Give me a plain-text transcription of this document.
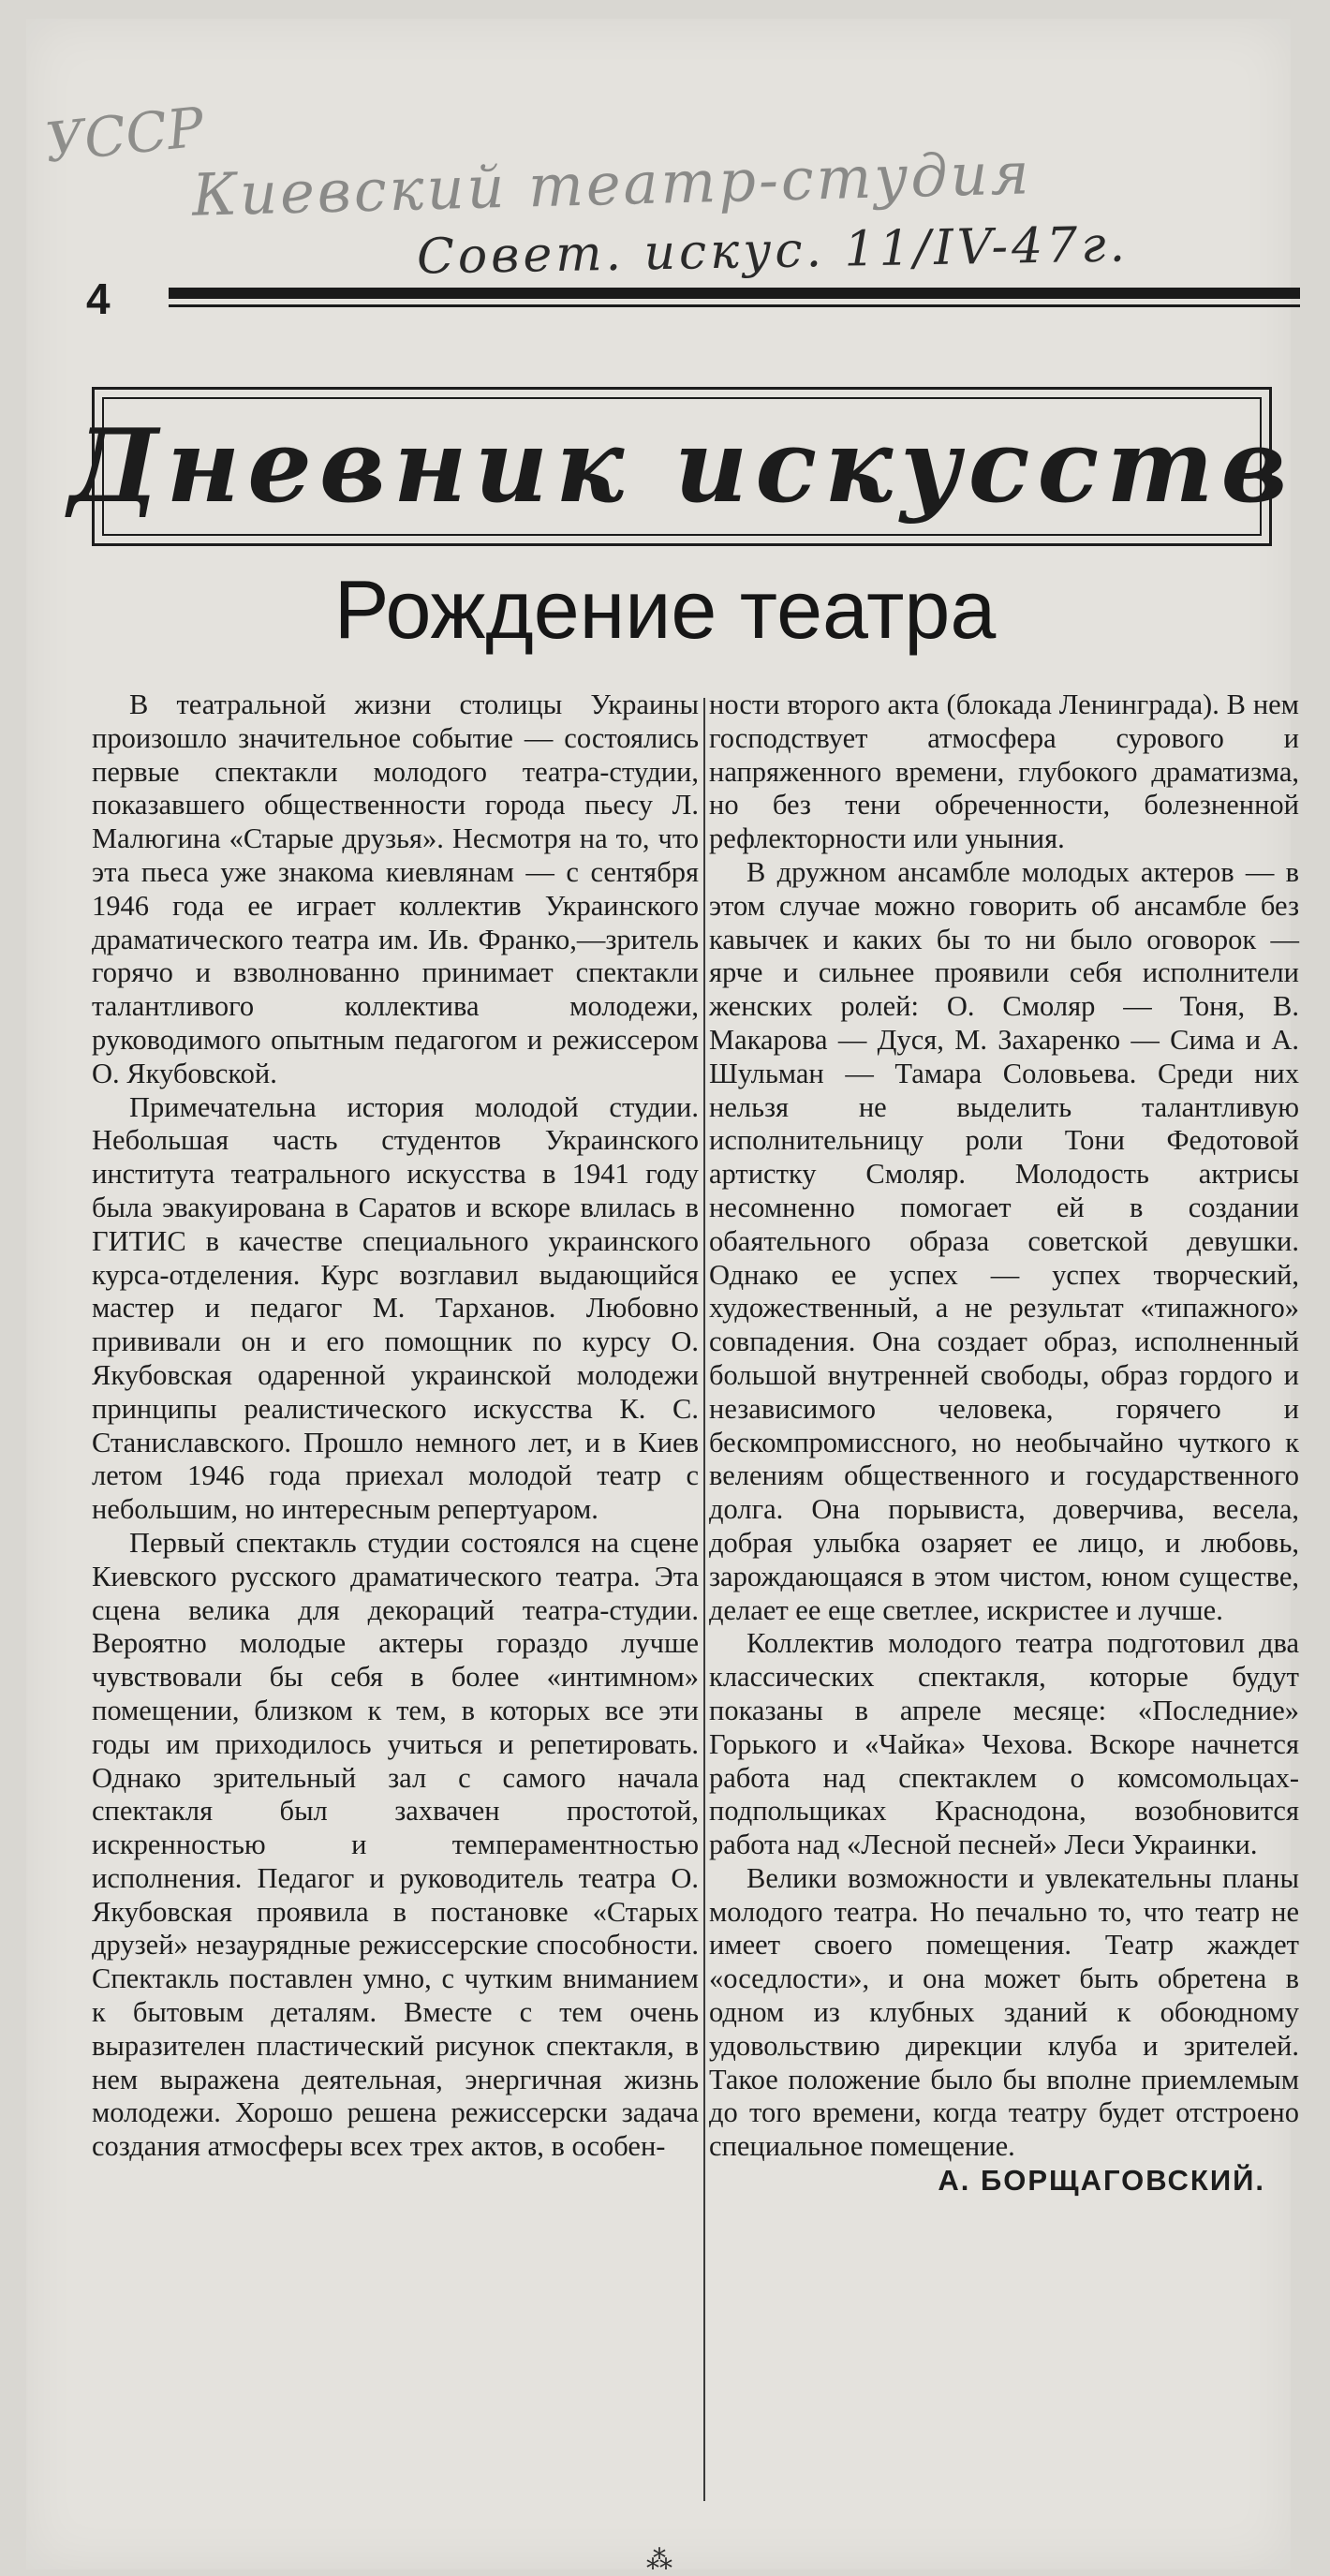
УССР
Киевский театр-студия
Совет. искус. 11/IV-47г.
4
Дневник искусств
Рождение театра

В театральной жизни столицы Украины произошло значительное событие — состоялись первые спектакли молодого театра-студии, показавшего общественности города пьесу Л. Малюгина «Старые друзья». Несмотря на то, что эта пьеса уже знакома киевлянам — с сентября 1946 года ее играет коллектив Украинского драматического театра им. Ив. Франко,—зритель горячо и взволнованно принимает спектакли талантливого коллектива молодежи, руководимого опытным педагогом и режиссером О. Якубовской.

Примечательна история молодой студии. Небольшая часть студентов Украинского института театрального искусства в 1941 году была эвакуирована в Саратов и вскоре влилась в ГИТИС в качестве специального украинского курса-отделения. Курс возглавил выдающийся мастер и педагог М. Тарханов. Любовно прививали он и его помощник по курсу О. Якубовская одаренной украинской молодежи принципы реалистического искусства К. С. Станиславского. Прошло немного лет, и в Киев летом 1946 года приехал молодой театр с небольшим, но интересным репертуаром.

Первый спектакль студии состоялся на сцене Киевского русского драматического театра. Эта сцена велика для декораций театра-студии. Вероятно молодые актеры гораздо лучше чувствовали бы себя в более «интимном» помещении, близком к тем, в которых все эти годы им приходилось учиться и репетировать. Однако зрительный зал с самого начала спектакля был захвачен простотой, искренностью и темпераментностью исполнения. Педагог и руководитель театра О. Якубовская проявила в постановке «Старых друзей» незаурядные режиссерские способности. Спектакль поставлен умно, с чутким вниманием к бытовым деталям. Вместе с тем очень выразителен пластический рисунок спектакля, в нем выражена деятельная, энергичная жизнь молодежи. Хорошо решена режиссерски задача создания атмосферы всех трех актов, в особен-

ности второго акта (блокада Ленинграда). В нем господствует атмосфера сурового и напряженного времени, глубокого драматизма, но без тени обреченности, болезненной рефлекторности или уныния.

В дружном ансамбле молодых актеров — в этом случае можно говорить об ансамбле без кавычек и каких бы то ни было оговорок — ярче и сильнее проявили себя исполнители женских ролей: О. Смоляр — Тоня, В. Макарова — Дуся, М. Захаренко — Сима и А. Шульман — Тамара Соловьева. Среди них нельзя не выделить талантливую исполнительницу роли Тони Федотовой артистку Смоляр. Молодость актрисы несомненно помогает ей в создании обаятельного образа советской девушки. Однако ее успех — успех творческий, художественный, а не результат «типажного» совпадения. Она создает образ, исполненный большой внутренней свободы, образ гордого и независимого человека, горячего и бескомпромиссного, но необычайно чуткого к велениям общественного и государственного долга. Она порывиста, доверчива, весела, добрая улыбка озаряет ее лицо, и любовь, зарождающаяся в этом чистом, юном существе, делает ее еще светлее, искристее и лучше.

Коллектив молодого театра подготовил два классических спектакля, которые будут показаны в апреле месяце: «Последние» Горького и «Чайка» Чехова. Вскоре начнется работа над спектаклем о комсомольцах-подпольщиках Краснодона, возобновится работа над «Лесной песней» Леси Украинки.

Велики возможности и увлекательны планы молодого театра. Но печально то, что театр не имеет своего помещения. Театр жаждет «оседлости», и она может быть обретена в одном из клубных зданий к обоюдному удовольствию дирекции клуба и зрителей. Такое положение было бы вполне приемлемым до того времени, когда театру будет отстроено специальное помещение.

А. БОРЩАГОВСКИЙ.

⁂
